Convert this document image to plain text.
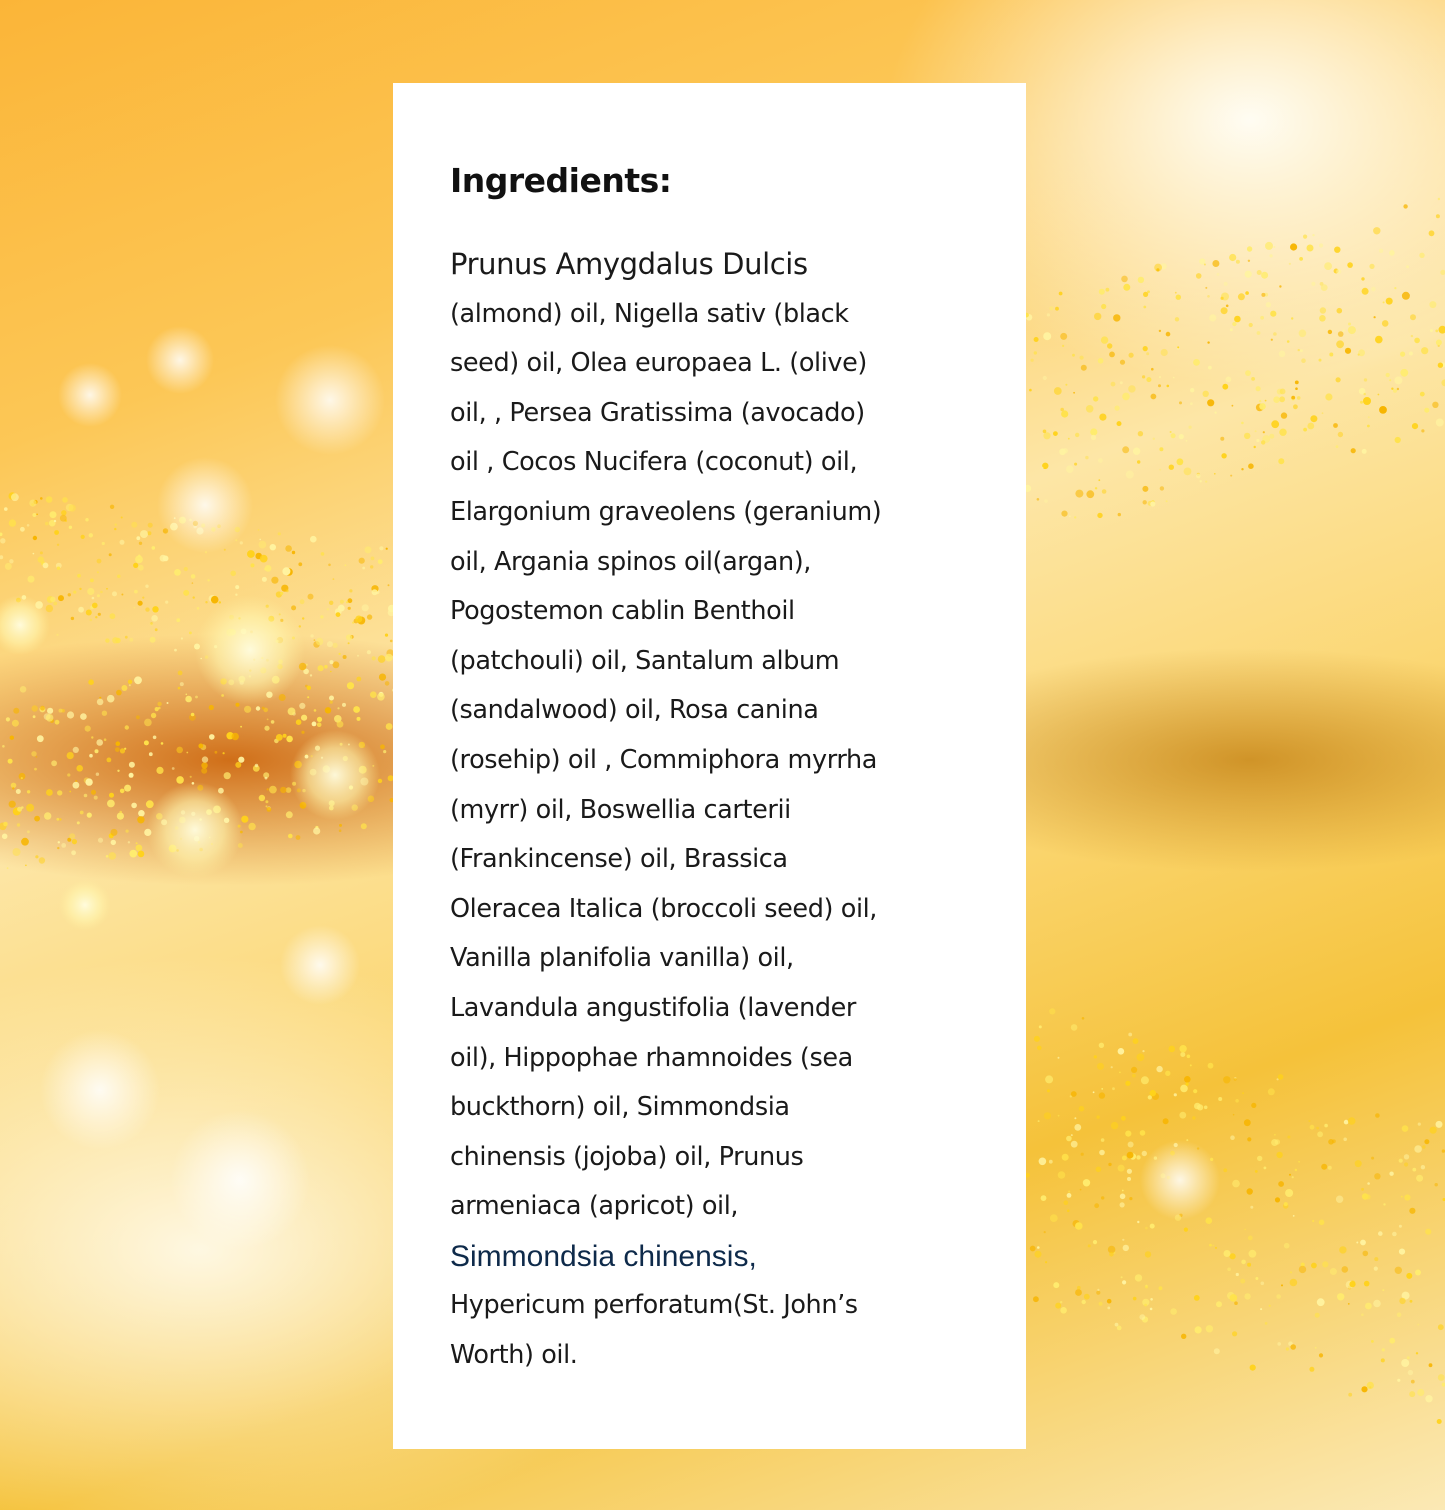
Ingredients:

Prunus Amygdalus Dulcis
(almond) oil, Nigella sativ (black
seed) oil, Olea europaea L. (olive)
oil, , Persea Gratissima (avocado)
oil , Cocos Nucifera (coconut) oil,
Elargonium graveolens (geranium)
oil, Argania spinos oil(argan),
Pogostemon cablin Benthoil
(patchouli) oil, Santalum album
(sandalwood) oil, Rosa canina
(rosehip) oil , Commiphora myrrha
(myrr) oil, Boswellia carterii
(Frankincense) oil, Brassica
Oleracea Italica (broccoli seed) oil,
Vanilla planifolia vanilla) oil,
Lavandula angustifolia (lavender
oil), Hippophae rhamnoides (sea
buckthorn) oil, Simmondsia
chinensis (jojoba) oil, Prunus
armeniaca (apricot) oil,
Simmondsia chinensis,
Hypericum perforatum(St. John’s
Worth) oil.
